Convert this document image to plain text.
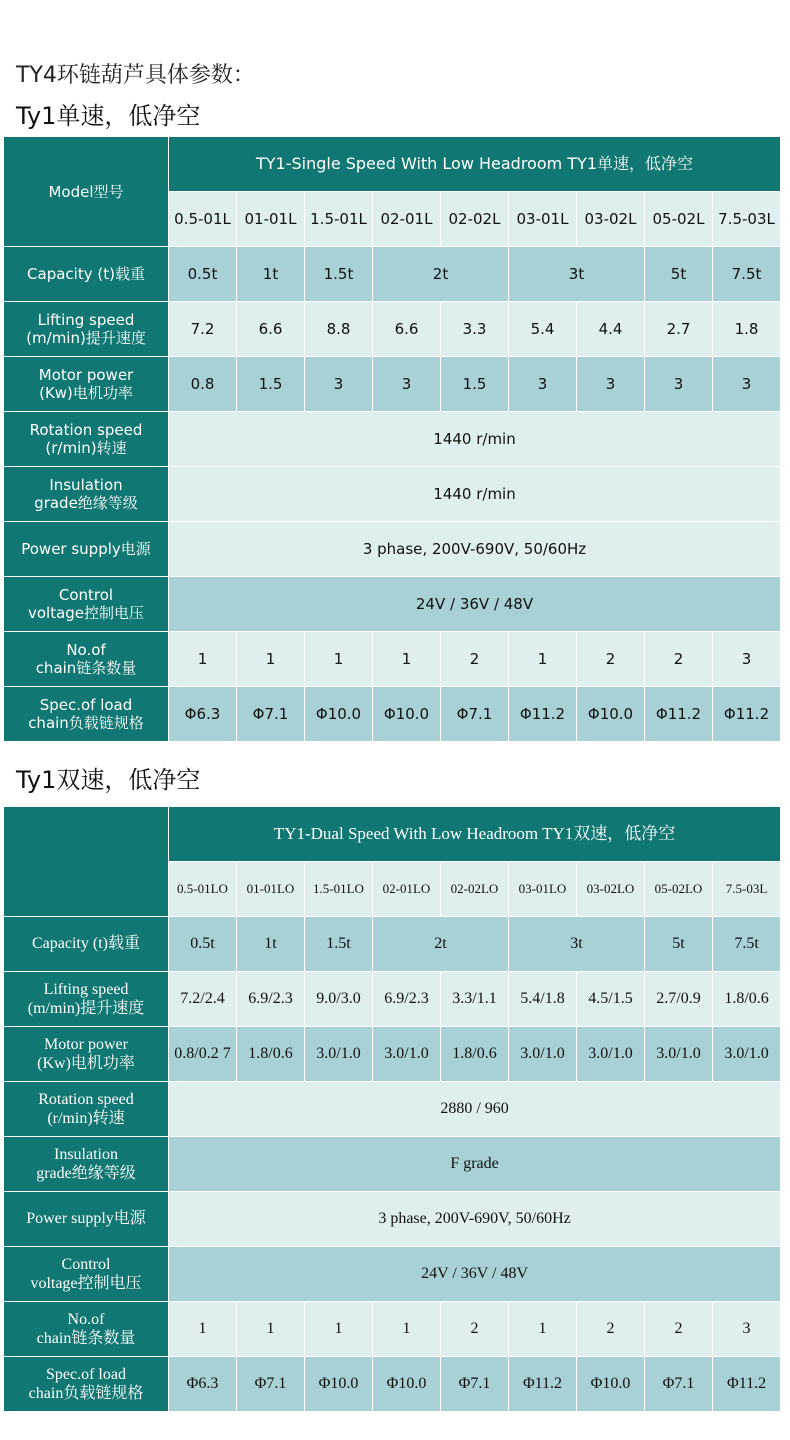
TY4环链葫芦具体参数：
Ty1单速，低净空
Model型号	TY1-Single Speed With Low Headroom TY1单速，低净空								
	0.5-01L	01-01L	1.5-01L	02-01L	02-02L	03-01L	03-02L	05-02L	7.5-03L
Capacity (t)载重	0.5t	1t	1.5t	2t		3t		5t	7.5t
Lifting speed
(m/min)提升速度	7.2	6.6	8.8	6.6	3.3	5.4	4.4	2.7	1.8
Motor power
(Kw)电机功率	0.8	1.5	3	3	1.5	3	3	3	3
Rotation speed
(r/min)转速	1440 r/min								
Insulation
grade绝缘等级	1440 r/min								
Power supply电源	3 phase, 200V-690V, 50/60Hz								
Control
voltage控制电压	24V / 36V / 48V								
No.of
chain链条数量	1	1	1	1	2	1	2	2	3
Spec.of load
chain负载链规格	Φ6.3	Φ7.1	Φ10.0	Φ10.0	Φ7.1	Φ11.2	Φ10.0	Φ11.2	Φ11.2
Ty1双速，低净空
	TY1-Dual Speed With Low Headroom TY1双速，低净空								
	0.5-01LO	01-01LO	1.5-01LO	02-01LO	02-02LO	03-01LO	03-02LO	05-02LO	7.5-03L
Capacity (t)载重	0.5t	1t	1.5t	2t		3t		5t	7.5t
Lifting speed
(m/min)提升速度	7.2/2.4	6.9/2.3	9.0/3.0	6.9/2.3	3.3/1.1	5.4/1.8	4.5/1.5	2.7/0.9	1.8/0.6
Motor power
(Kw)电机功率	0.8/0.2 7	1.8/0.6	3.0/1.0	3.0/1.0	1.8/0.6	3.0/1.0	3.0/1.0	3.0/1.0	3.0/1.0
Rotation speed
(r/min)转速	2880 / 960								
Insulation
grade绝缘等级	F grade								
Power supply电源	3 phase, 200V-690V, 50/60Hz								
Control
voltage控制电压	24V / 36V / 48V								
No.of
chain链条数量	1	1	1	1	2	1	2	2	3
Spec.of load
chain负载链规格	Φ6.3	Φ7.1	Φ10.0	Φ10.0	Φ7.1	Φ11.2	Φ10.0	Φ7.1	Φ11.2
